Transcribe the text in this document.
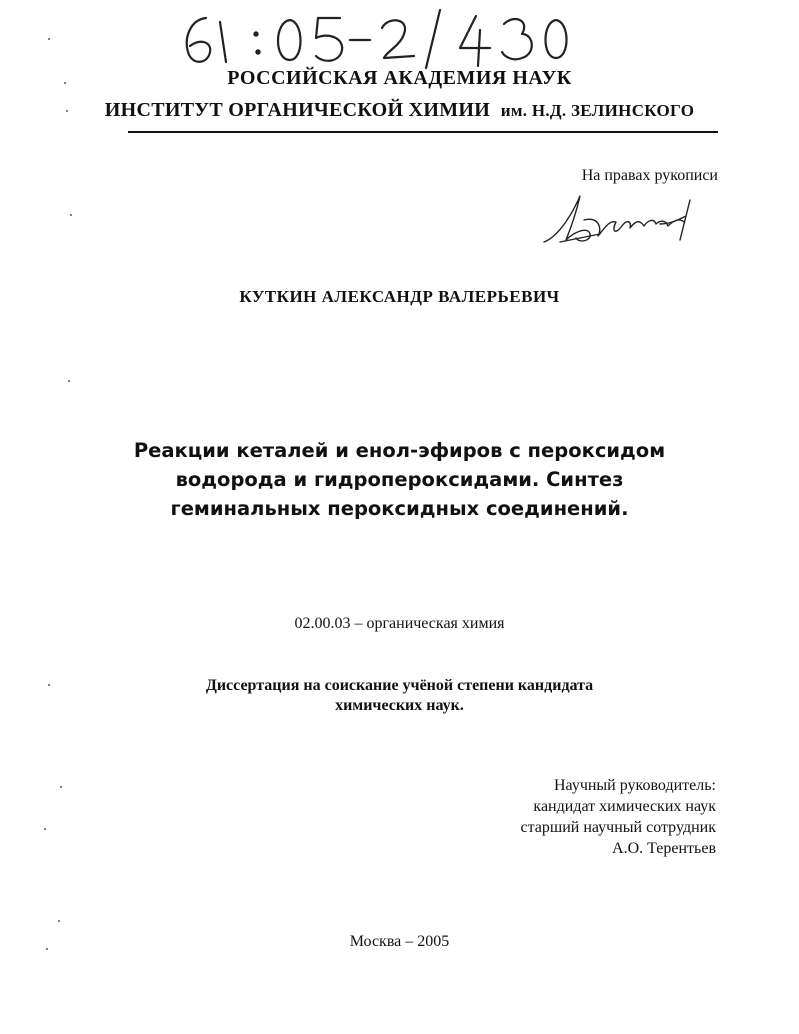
РОССИЙСКАЯ АКАДЕМИЯ НАУК
ИНСТИТУТ ОРГАНИЧЕСКОЙ ХИМИИ им. Н.Д. ЗЕЛИНСКОГО
На правах рукописи
КУТКИН АЛЕКСАНДР ВАЛЕРЬЕВИЧ
Реакции кеталей и енол-эфиров с пероксидом
водорода и гидропероксидами. Синтез
геминальных пероксидных соединений.
02.00.03 – органическая химия
Диссертация на соискание учёной степени кандидата
химических наук.
Научный руководитель:
кандидат химических наук
старший научный сотрудник
А.О. Терентьев
Москва – 2005
